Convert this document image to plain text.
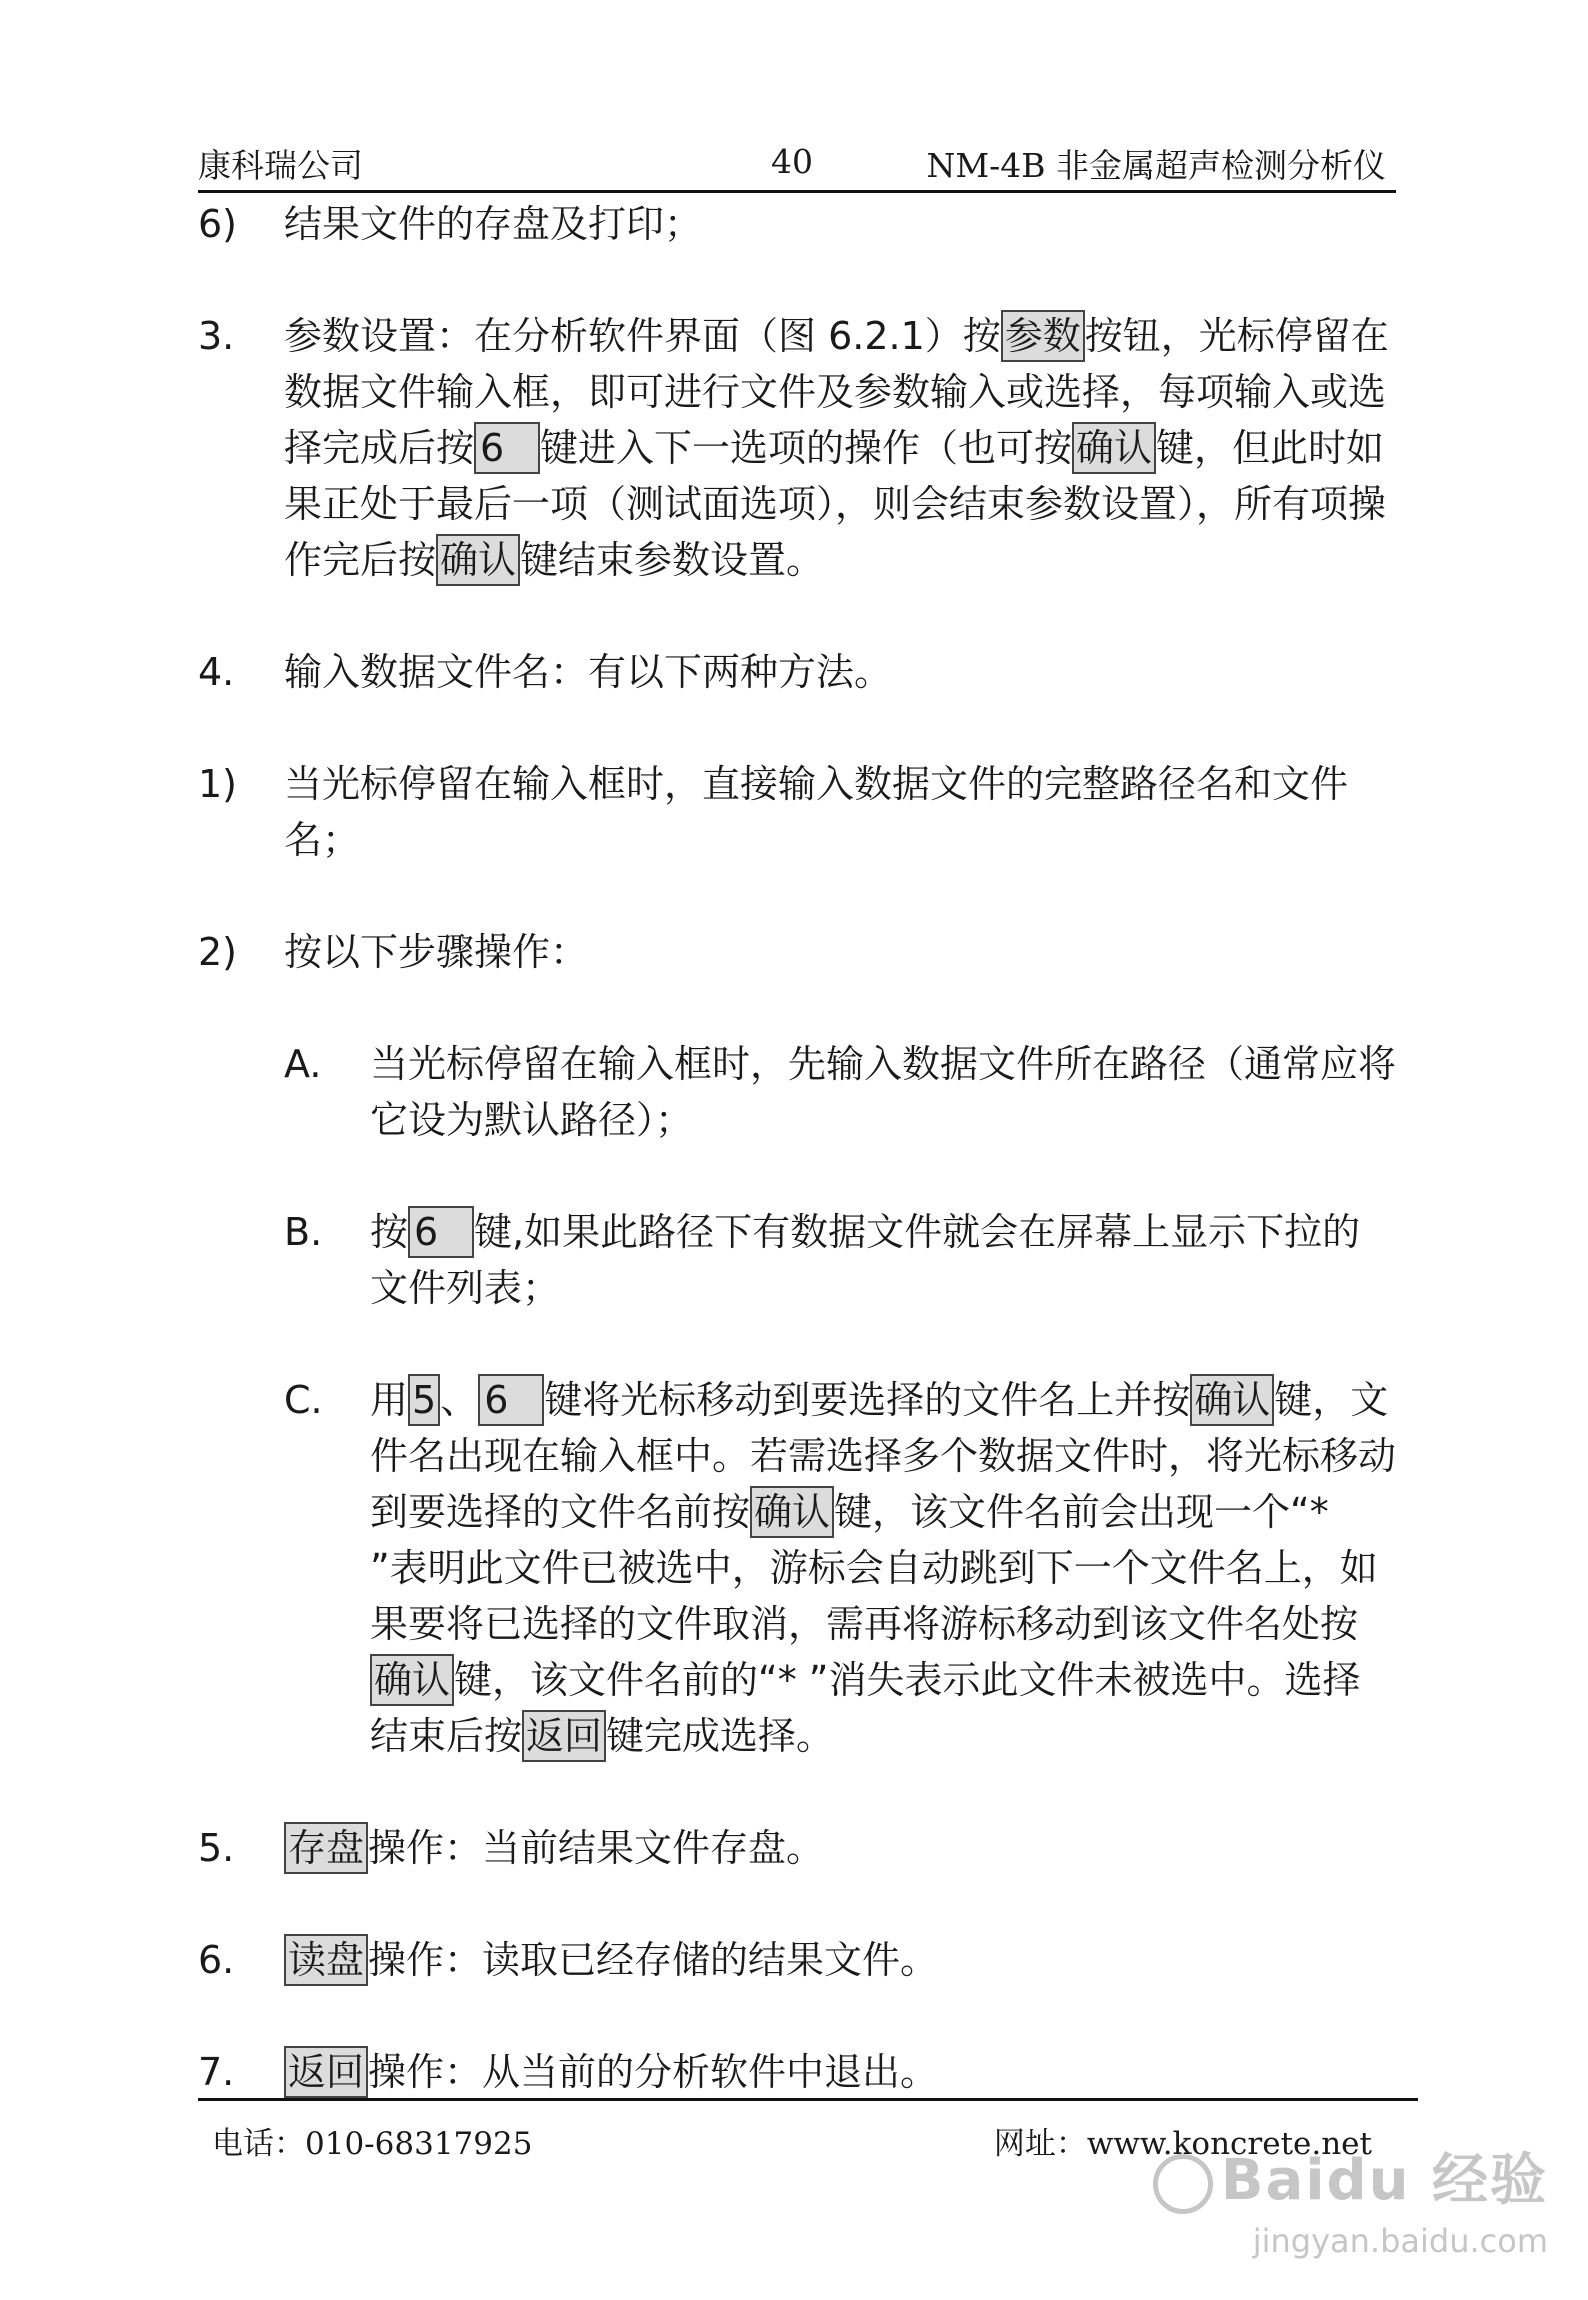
康科瑞公司	40	NM-4B 非金属超声检测分析仪

6) 结果文件的存盘及打印；

3. 参数设置：在分析软件界面（图 6.2.1）按 参数 按钮，光标停留在数据文件输入框，即可进行文件及参数输入或选择，每项输入或选择完成后按 6 键进入下一选项的操作（也可按 确认 键，但此时如果正处于最后一项（测试面选项），则会结束参数设置），所有项操作完后按 确认 键结束参数设置。

4. 输入数据文件名：有以下两种方法。

1) 当光标停留在输入框时，直接输入数据文件的完整路径名和文件名；

2) 按以下步骤操作：

A. 当光标停留在输入框时，先输入数据文件所在路径（通常应将它设为默认路径）；
B. 按 6 键,如果此路径下有数据文件就会在屏幕上显示下拉的文件列表；
C. 用 5 、 6 键将光标移动到要选择的文件名上并按 确认 键，文件名出现在输入框中。若需选择多个数据文件时，将光标移动到要选择的文件名前按 确认 键，该文件名前会出现一个“* ”表明此文件已被选中，游标会自动跳到下一个文件名上，如果要将已选择的文件取消，需再将游标移动到该文件名处按确认 键，该文件名前的“* ”消失表示此文件未被选中。选择结束后按 返回 键完成选择。

5. 存盘 操作：当前结果文件存盘。

6. 读盘 操作：读取已经存储的结果文件。

7. 返回 操作：从当前的分析软件中退出。

电话：010-68317925	网址：www.koncrete.net
Baidu 经验
jingyan.baidu.com
